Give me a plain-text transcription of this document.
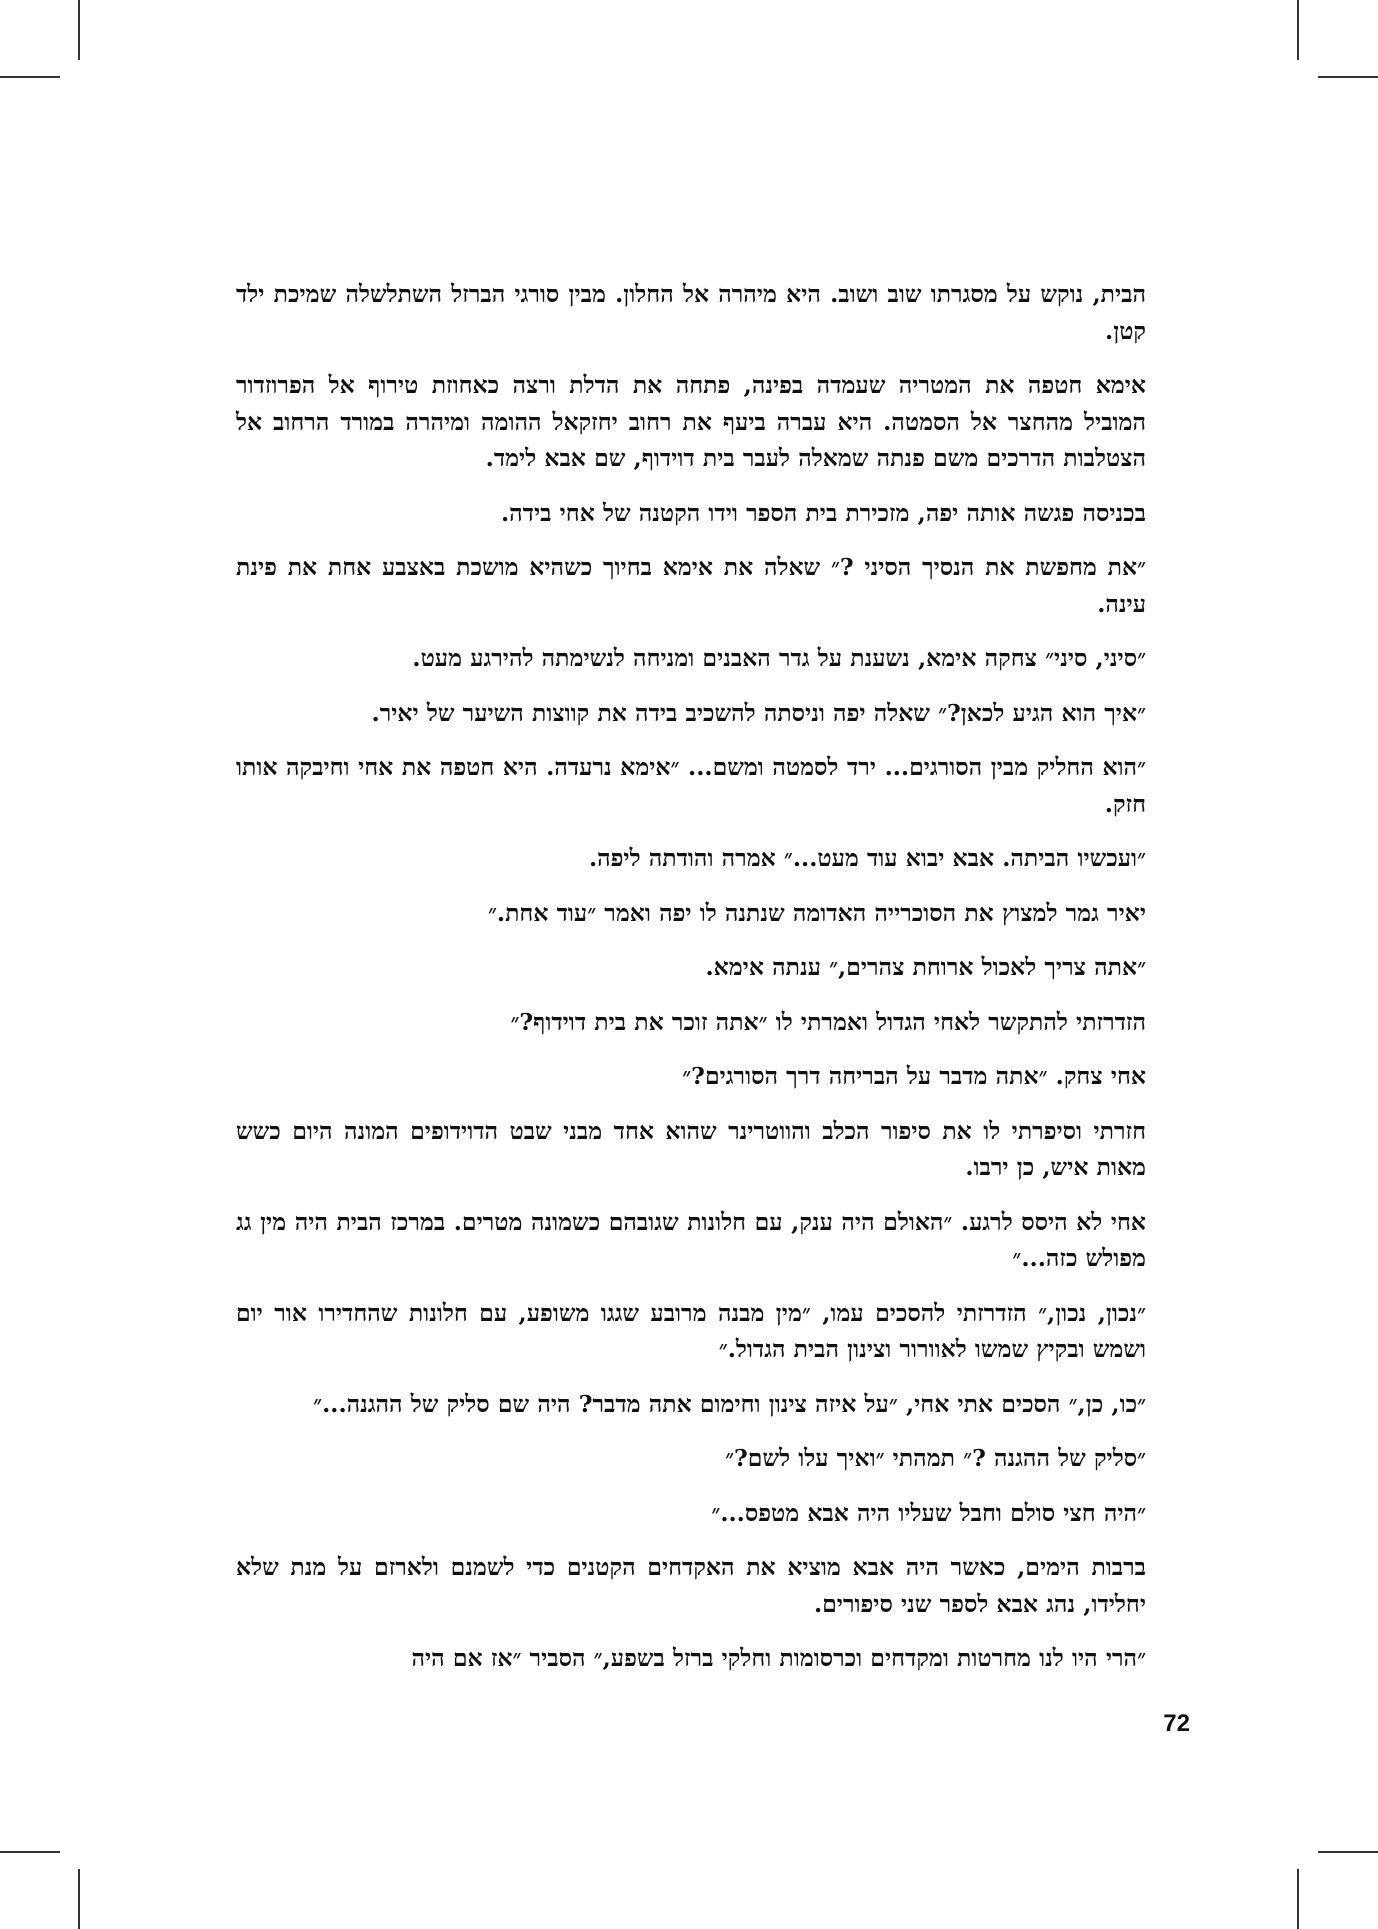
הבית, נוקש על מסגרתו שוב ושוב. היא מיהרה אל החלון. מבין סורגי הברזל השתלשלה שמיכת ילד קטן.

אימא חטפה את המטריה שעמדה בפינה, פתחה את הדלת ורצה כאחוזת טירוף אל הפרוזדור המוביל מהחצר אל הסמטה. היא עברה ביעף את רחוב יחזקאל ההומה ומיהרה במורד הרחוב אל הצטלבות הדרכים משם פנתה שמאלה לעבר בית דוידוף, שם אבא לימד.

בכניסה פגשה אותה יפה, מזכירת בית הספר וידו הקטנה של אחי בידה.

״את מחפשת את הנסיך הסיני ?״ שאלה את אימא בחיוך כשהיא מושכת באצבע אחת את פינת עינה.

״סיני, סיני״ צחקה אימא, נשענת על גדר האבנים ומניחה לנשימתה להירגע מעט.

״איך הוא הגיע לכאן?״ שאלה יפה וניסתה להשכיב בידה את קווצות השיער של יאיר.

״הוא החליק מבין הסורגים... ירד לסמטה ומשם... ״אימא נרעדה. היא חטפה את אחי וחיבקה אותו חזק.

״ועכשיו הביתה. אבא יבוא עוד מעט...״ אמרה והודתה ליפה.

יאיר גמר למצוץ את הסוכרייה האדומה שנתנה לו יפה ואמר ״עוד אחת.״

״אתה צריך לאכול ארוחת צהרים,״ ענתה אימא.

הזדרזתי להתקשר לאחי הגדול ואמרתי לו ״אתה זוכר את בית דוידוף?״

אחי צחק. ״אתה מדבר על הבריחה דרך הסורגים?״

חזרתי וסיפרתי לו את סיפור הכלב והווטרינר שהוא אחד מבני שבט הדוידופים המונה היום כשש מאות איש, כן ירבו.

אחי לא היסס לרגע. ״האולם היה ענק, עם חלונות שגובהם כשמונה מטרים. במרכז הבית היה מין גג מפולש כזה...״

״נכון, נכון,״ הזדרזתי להסכים עמו, ״מין מבנה מרובע שגגו משופע, עם חלונות שהחדירו אור יום ושמש ובקיץ שמשו לאוורור וצינון הבית הגדול.״

״כו, כן,״ הסכים אתי אחי, ״על איזה צינון וחימום אתה מדבר? היה שם סליק של ההגנה...״

״סליק של ההגנה ?״ תמהתי ״ואיך עלו לשם?״

״היה חצי סולם וחבל שעליו היה אבא מטפס...״

ברבות הימים, כאשר היה אבא מוציא את האקדחים הקטנים כדי לשמנם ולארזם על מנת שלא יחלידו, נהג אבא לספר שני סיפורים.

״הרי היו לנו מחרטות ומקדחים וכרסומות וחלקי ברזל בשפע,״ הסביר ״אז אם היה

72
